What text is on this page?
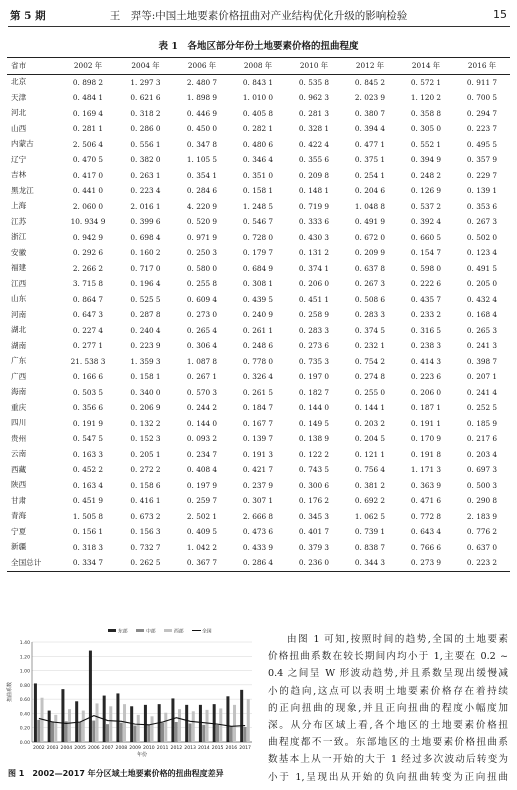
第 5 期	王　羿等:中国土地要素价格扭曲对产业结构优化升级的影响检验	15
表 1　各地区部分年份土地要素价格的扭曲程度
省市	2002 年	2004 年	2006 年	2008 年	2010 年	2012 年	2014 年	2016 年
北京	0. 898 2	1. 297 3	2. 480 7	0. 843 1	0. 535 8	0. 845 2	0. 572 1	0. 911 7
天津	0. 484 1	0. 621 6	1. 898 9	1. 010 0	0. 962 3	2. 023 9	1. 120 2	0. 700 5
河北	0. 169 4	0. 318 2	0. 446 9	0. 405 8	0. 281 3	0. 380 7	0. 358 8	0. 294 7
山西	0. 281 1	0. 286 0	0. 450 0	0. 282 1	0. 328 1	0. 394 4	0. 305 0	0. 223 7
内蒙古	2. 506 4	0. 556 1	0. 347 8	0. 480 6	0. 422 4	0. 477 1	0. 552 1	0. 495 5
辽宁	0. 470 5	0. 382 0	1. 105 5	0. 346 4	0. 355 6	0. 375 1	0. 394 9	0. 357 9
吉林	0. 417 0	0. 263 1	0. 354 1	0. 351 0	0. 209 8	0. 254 1	0. 248 2	0. 229 7
黑龙江	0. 441 0	0. 223 4	0. 284 6	0. 158 1	0. 148 1	0. 204 6	0. 126 9	0. 139 1
上海	2. 060 0	2. 016 1	4. 220 9	1. 248 5	0. 719 9	1. 048 8	0. 537 2	0. 353 6
江苏	10. 934 9	0. 399 6	0. 520 9	0. 546 7	0. 333 6	0. 491 9	0. 392 4	0. 267 3
浙江	0. 942 9	0. 698 4	0. 971 9	0. 728 0	0. 430 3	0. 672 0	0. 660 5	0. 502 0
安徽	0. 292 6	0. 160 2	0. 250 3	0. 179 7	0. 131 2	0. 209 9	0. 154 7	0. 123 4
福建	2. 266 2	0. 717 0	0. 580 0	0. 684 9	0. 374 1	0. 637 8	0. 598 0	0. 491 5
江西	3. 715 8	0. 196 4	0. 255 8	0. 308 1	0. 206 0	0. 267 3	0. 222 6	0. 205 0
山东	0. 864 7	0. 525 5	0. 609 4	0. 439 5	0. 451 1	0. 508 6	0. 435 7	0. 432 4
河南	0. 647 3	0. 287 8	0. 273 0	0. 240 9	0. 258 9	0. 283 3	0. 233 2	0. 168 4
湖北	0. 227 4	0. 240 4	0. 265 4	0. 261 1	0. 283 3	0. 374 5	0. 316 5	0. 265 3
湖南	0. 277 1	0. 223 9	0. 306 4	0. 248 6	0. 273 6	0. 232 1	0. 238 3	0. 241 3
广东	21. 538 3	1. 359 3	1. 087 8	0. 778 0	0. 735 3	0. 754 2	0. 414 3	0. 398 7
广西	0. 166 6	0. 158 1	0. 267 1	0. 326 4	0. 197 0	0. 274 8	0. 223 6	0. 207 1
海南	0. 503 5	0. 340 0	0. 570 3	0. 261 5	0. 182 7	0. 255 0	0. 206 0	0. 241 4
重庆	0. 356 6	0. 206 9	0. 244 2	0. 184 7	0. 144 0	0. 144 1	0. 187 1	0. 252 5
四川	0. 191 9	0. 132 2	0. 144 0	0. 167 7	0. 149 5	0. 203 2	0. 191 1	0. 185 9
贵州	0. 547 5	0. 152 3	0. 093 2	0. 139 7	0. 138 9	0. 204 5	0. 170 9	0. 217 6
云南	0. 163 3	0. 205 1	0. 234 7	0. 191 3	0. 122 2	0. 121 1	0. 191 8	0. 203 4
西藏	0. 452 2	0. 272 2	0. 408 4	0. 421 7	0. 743 5	0. 756 4	1. 171 3	0. 697 3
陕西	0. 163 4	0. 158 6	0. 197 9	0. 237 9	0. 300 6	0. 381 2	0. 363 9	0. 500 3
甘肃	0. 451 9	0. 416 1	0. 259 7	0. 307 1	0. 176 2	0. 692 2	0. 471 6	0. 290 8
青海	1. 505 8	0. 673 2	2. 502 1	2. 666 8	0. 345 3	1. 062 5	0. 772 8	2. 183 9
宁夏	0. 156 1	0. 156 3	0. 409 5	0. 473 6	0. 401 7	0. 739 1	0. 643 4	0. 776 2
新疆	0. 318 3	0. 732 7	1. 042 2	0. 433 9	0. 379 3	0. 838 7	0. 766 6	0. 637 0
全国总计	0. 334 7	0. 262 5	0. 367 7	0. 286 4	0. 236 0	0. 344 3	0. 273 9	0. 223 2
0.00
0.20
0.40
0.60
0.80
1.00
1.20
1.40
2002 2003 2004 2005 2006 2007 2008 2009 2010 2011 2012 2013 2014 2015 2016 2017
年份
扭曲系数
东部	中部	西部	全国
图 1　2002—2017 年分区域土地要素价格的扭曲程度差异
由图 1 可知,按照时间的趋势,全国的土地要素
价格扭曲系数在较长期间内均小于 1,主要在 0.2 ~
0.4 之间呈 W 形波动趋势,并且系数呈现出缓慢减
小的趋向,这点可以表明土地要素价格存在着持续
的正向扭曲的现象,并且正向扭曲的程度小幅度加
深。从分布区域上看,各个地区的土地要素价格扭
曲程度都不一致。东部地区的土地要素价格扭曲系
数基本上从一开始的大于 1 经过多次波动后转变为
小于 1,呈现出从开始的负向扭曲转变为正向扭曲
